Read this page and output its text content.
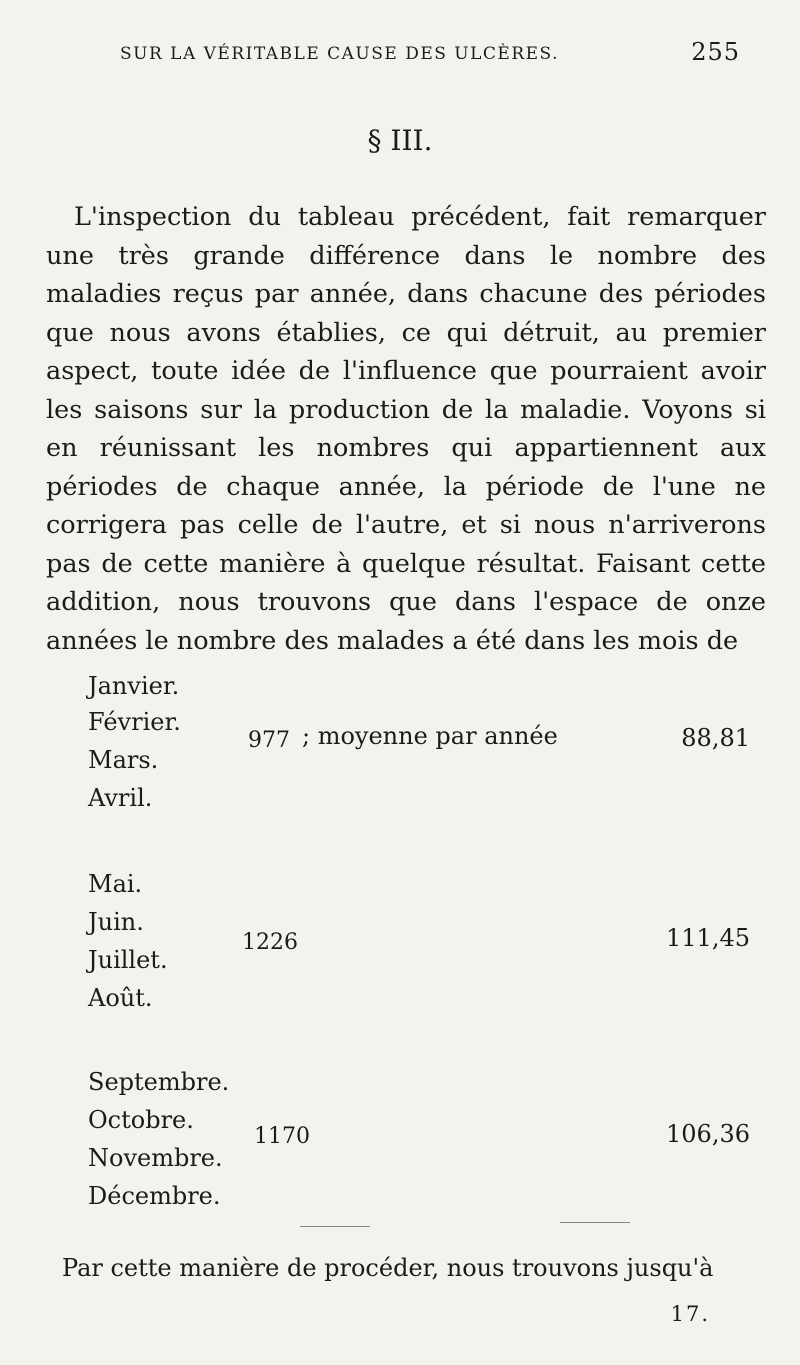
SUR LA VÉRITABLE CAUSE DES ULCÈRES.	255
§ III.

L'inspection du tableau précédent, fait remarquer une très grande différence dans le nombre des maladies reçus par année, dans chacune des périodes que nous avons établies, ce qui détruit, au premier aspect, toute idée de l'influence que pourraient avoir les saisons sur la production de la maladie. Voyons si en réunissant les nombres qui appartiennent aux périodes de chaque année, la période de l'une ne corrigera pas celle de l'autre, et si nous n'arriverons pas de cette manière à quelque résultat. Faisant cette addition, nous trouvons que dans l'espace de onze années le nombre des malades a été dans les mois de

Janvier.
Février.
Mars.
Avril.
977 ; moyenne par année	88,81
Mai.
Juin.
Juillet.
Août.
1226	111,45
Septembre.
Octobre.
Novembre.
Décembre.
1170	106,36
Par cette manière de procéder, nous trouvons jusqu'à
17.
